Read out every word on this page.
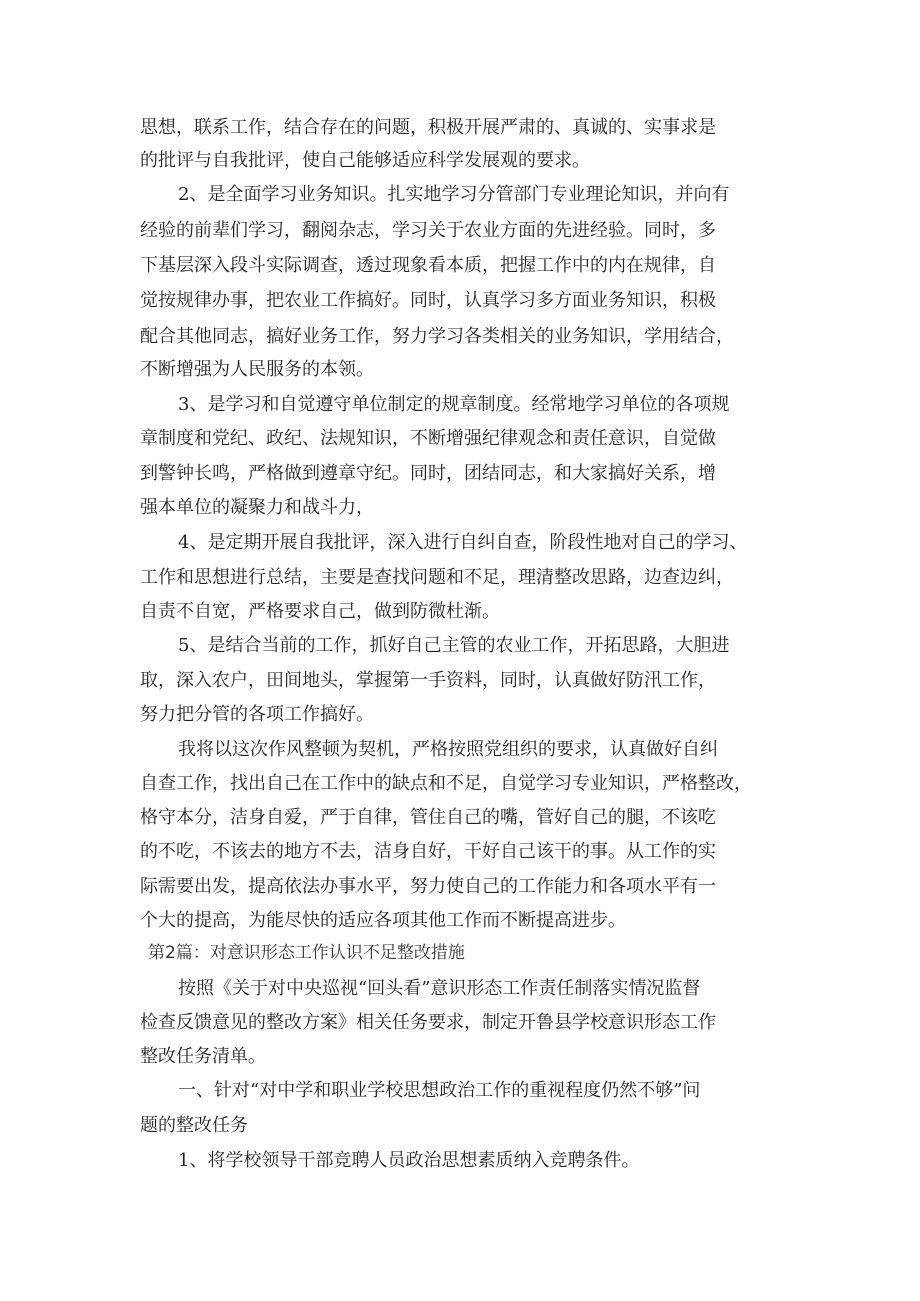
思想，联系工作，结合存在的问题，积极开展严肃的、真诚的、实事求是

的批评与自我批评，使自己能够适应科学发展观的要求。

2、是全面学习业务知识。扎实地学习分管部门专业理论知识，并向有

经验的前辈们学习，翻阅杂志，学习关于农业方面的先进经验。同时，多

下基层深入段斗实际调查，透过现象看本质，把握工作中的内在规律，自

觉按规律办事，把农业工作搞好。同时，认真学习多方面业务知识，积极

配合其他同志，搞好业务工作，努力学习各类相关的业务知识，学用结合，

不断增强为人民服务的本领。

3、是学习和自觉遵守单位制定的规章制度。经常地学习单位的各项规

章制度和党纪、政纪、法规知识，不断增强纪律观念和责任意识，自觉做

到警钟长鸣，严格做到遵章守纪。同时，团结同志，和大家搞好关系，增

强本单位的凝聚力和战斗力，

4、是定期开展自我批评，深入进行自纠自查，阶段性地对自己的学习、

工作和思想进行总结，主要是查找问题和不足，理清整改思路，边查边纠，

自责不自宽，严格要求自己，做到防微杜渐。

5、是结合当前的工作，抓好自己主管的农业工作，开拓思路，大胆进

取，深入农户，田间地头，掌握第一手资料，同时，认真做好防汛工作，

努力把分管的各项工作搞好。

我将以这次作风整顿为契机，严格按照党组织的要求，认真做好自纠

自查工作，找出自己在工作中的缺点和不足，自觉学习专业知识，严格整改，

格守本分，洁身自爱，严于自律，管住自己的嘴，管好自己的腿，不该吃

的不吃，不该去的地方不去，洁身自好，干好自己该干的事。从工作的实

际需要出发，提高依法办事水平，努力使自己的工作能力和各项水平有一

个大的提高，为能尽快的适应各项其他工作而不断提高进步。

第2篇：对意识形态工作认识不足整改措施

按照《关于对中央巡视“回头看”意识形态工作责任制落实情况监督

检查反馈意见的整改方案》相关任务要求，制定开鲁县学校意识形态工作

整改任务清单。

一、针对“对中学和职业学校思想政治工作的重视程度仍然不够”问

题的整改任务

1、将学校领导干部竞聘人员政治思想素质纳入竞聘条件。
